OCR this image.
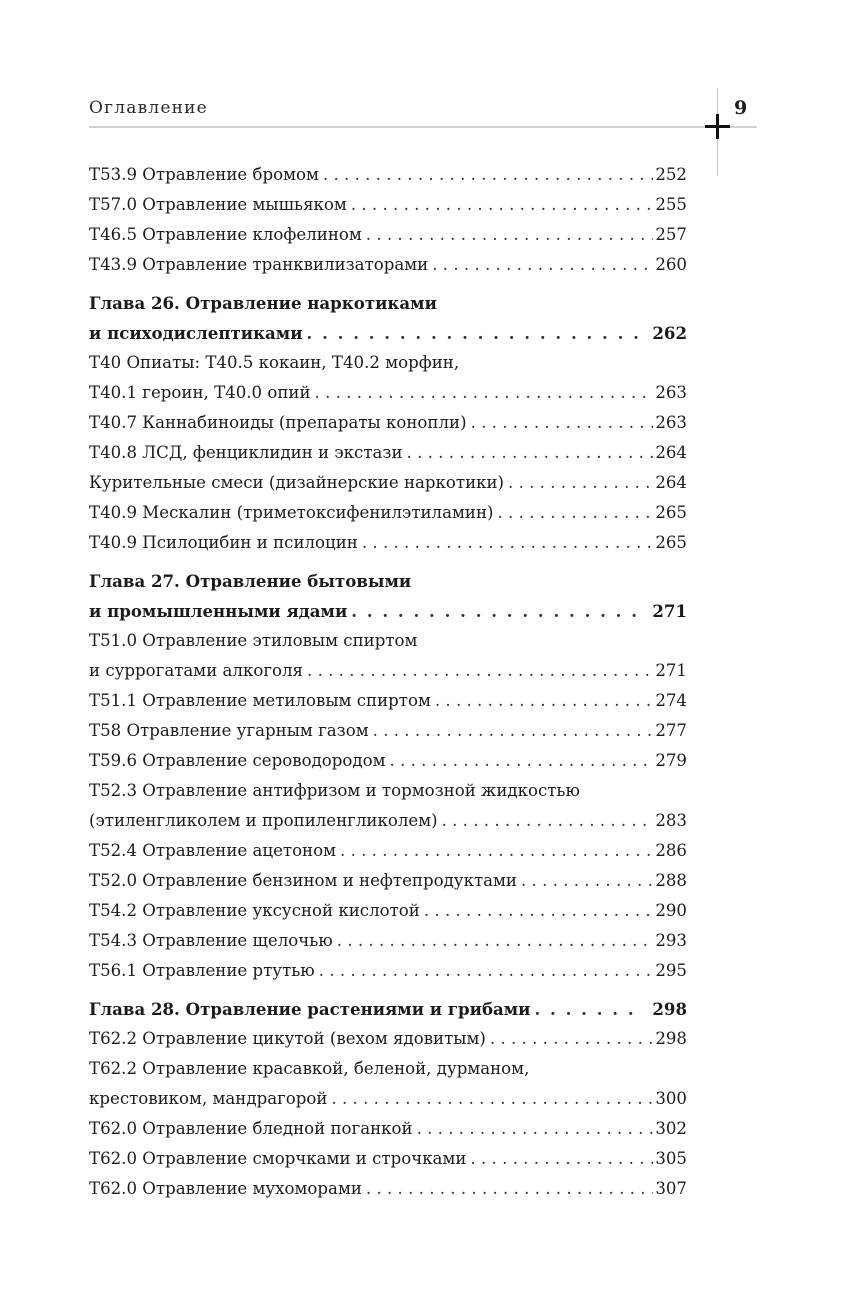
Оглавление	9
T53.9 Отравление бромом . . .	252
T57.0 Отравление мышьяком . . .	255
T46.5 Отравление клофелином . . .	257
T43.9 Отравление транквилизаторами . . .	260
Глава 26. Отравление наркотиками
и психодислептиками . . .	262
T40 Опиаты: T40.5 кокаин, T40.2 морфин,
T40.1 героин, T40.0 опий . . .	263
T40.7 Каннабиноиды (препараты конопли) . . .	263
T40.8 ЛСД, фенциклидин и экстази . . .	264
Курительные смеси (дизайнерские наркотики) . . .	264
T40.9 Мескалин (триметоксифенилэтиламин) . . .	265
T40.9 Псилоцибин и псилоцин . . .	265
Глава 27. Отравление бытовыми
и промышленными ядами . . .	271
T51.0 Отравление этиловым спиртом
и суррогатами алкоголя . . .	271
T51.1 Отравление метиловым спиртом . . .	274
T58 Отравление угарным газом . . .	277
T59.6 Отравление сероводородом . . .	279
T52.3 Отравление антифризом и тормозной жидкостью
(этиленгликолем и пропиленгликолем) . . .	283
T52.4 Отравление ацетоном . . .	286
T52.0 Отравление бензином и нефтепродуктами . . .	288
T54.2 Отравление уксусной кислотой . . .	290
T54.3 Отравление щелочью . . .	293
T56.1 Отравление ртутью . . .	295
Глава 28. Отравление растениями и грибами . . .	298
T62.2 Отравление цикутой (вехом ядовитым) . . .	298
T62.2 Отравление красавкой, беленой, дурманом,
крестовиком, мандрагорой . . .	300
T62.0 Отравление бледной поганкой . . .	302
T62.0 Отравление сморчками и строчками . . .	305
T62.0 Отравление мухоморами . . .	307
